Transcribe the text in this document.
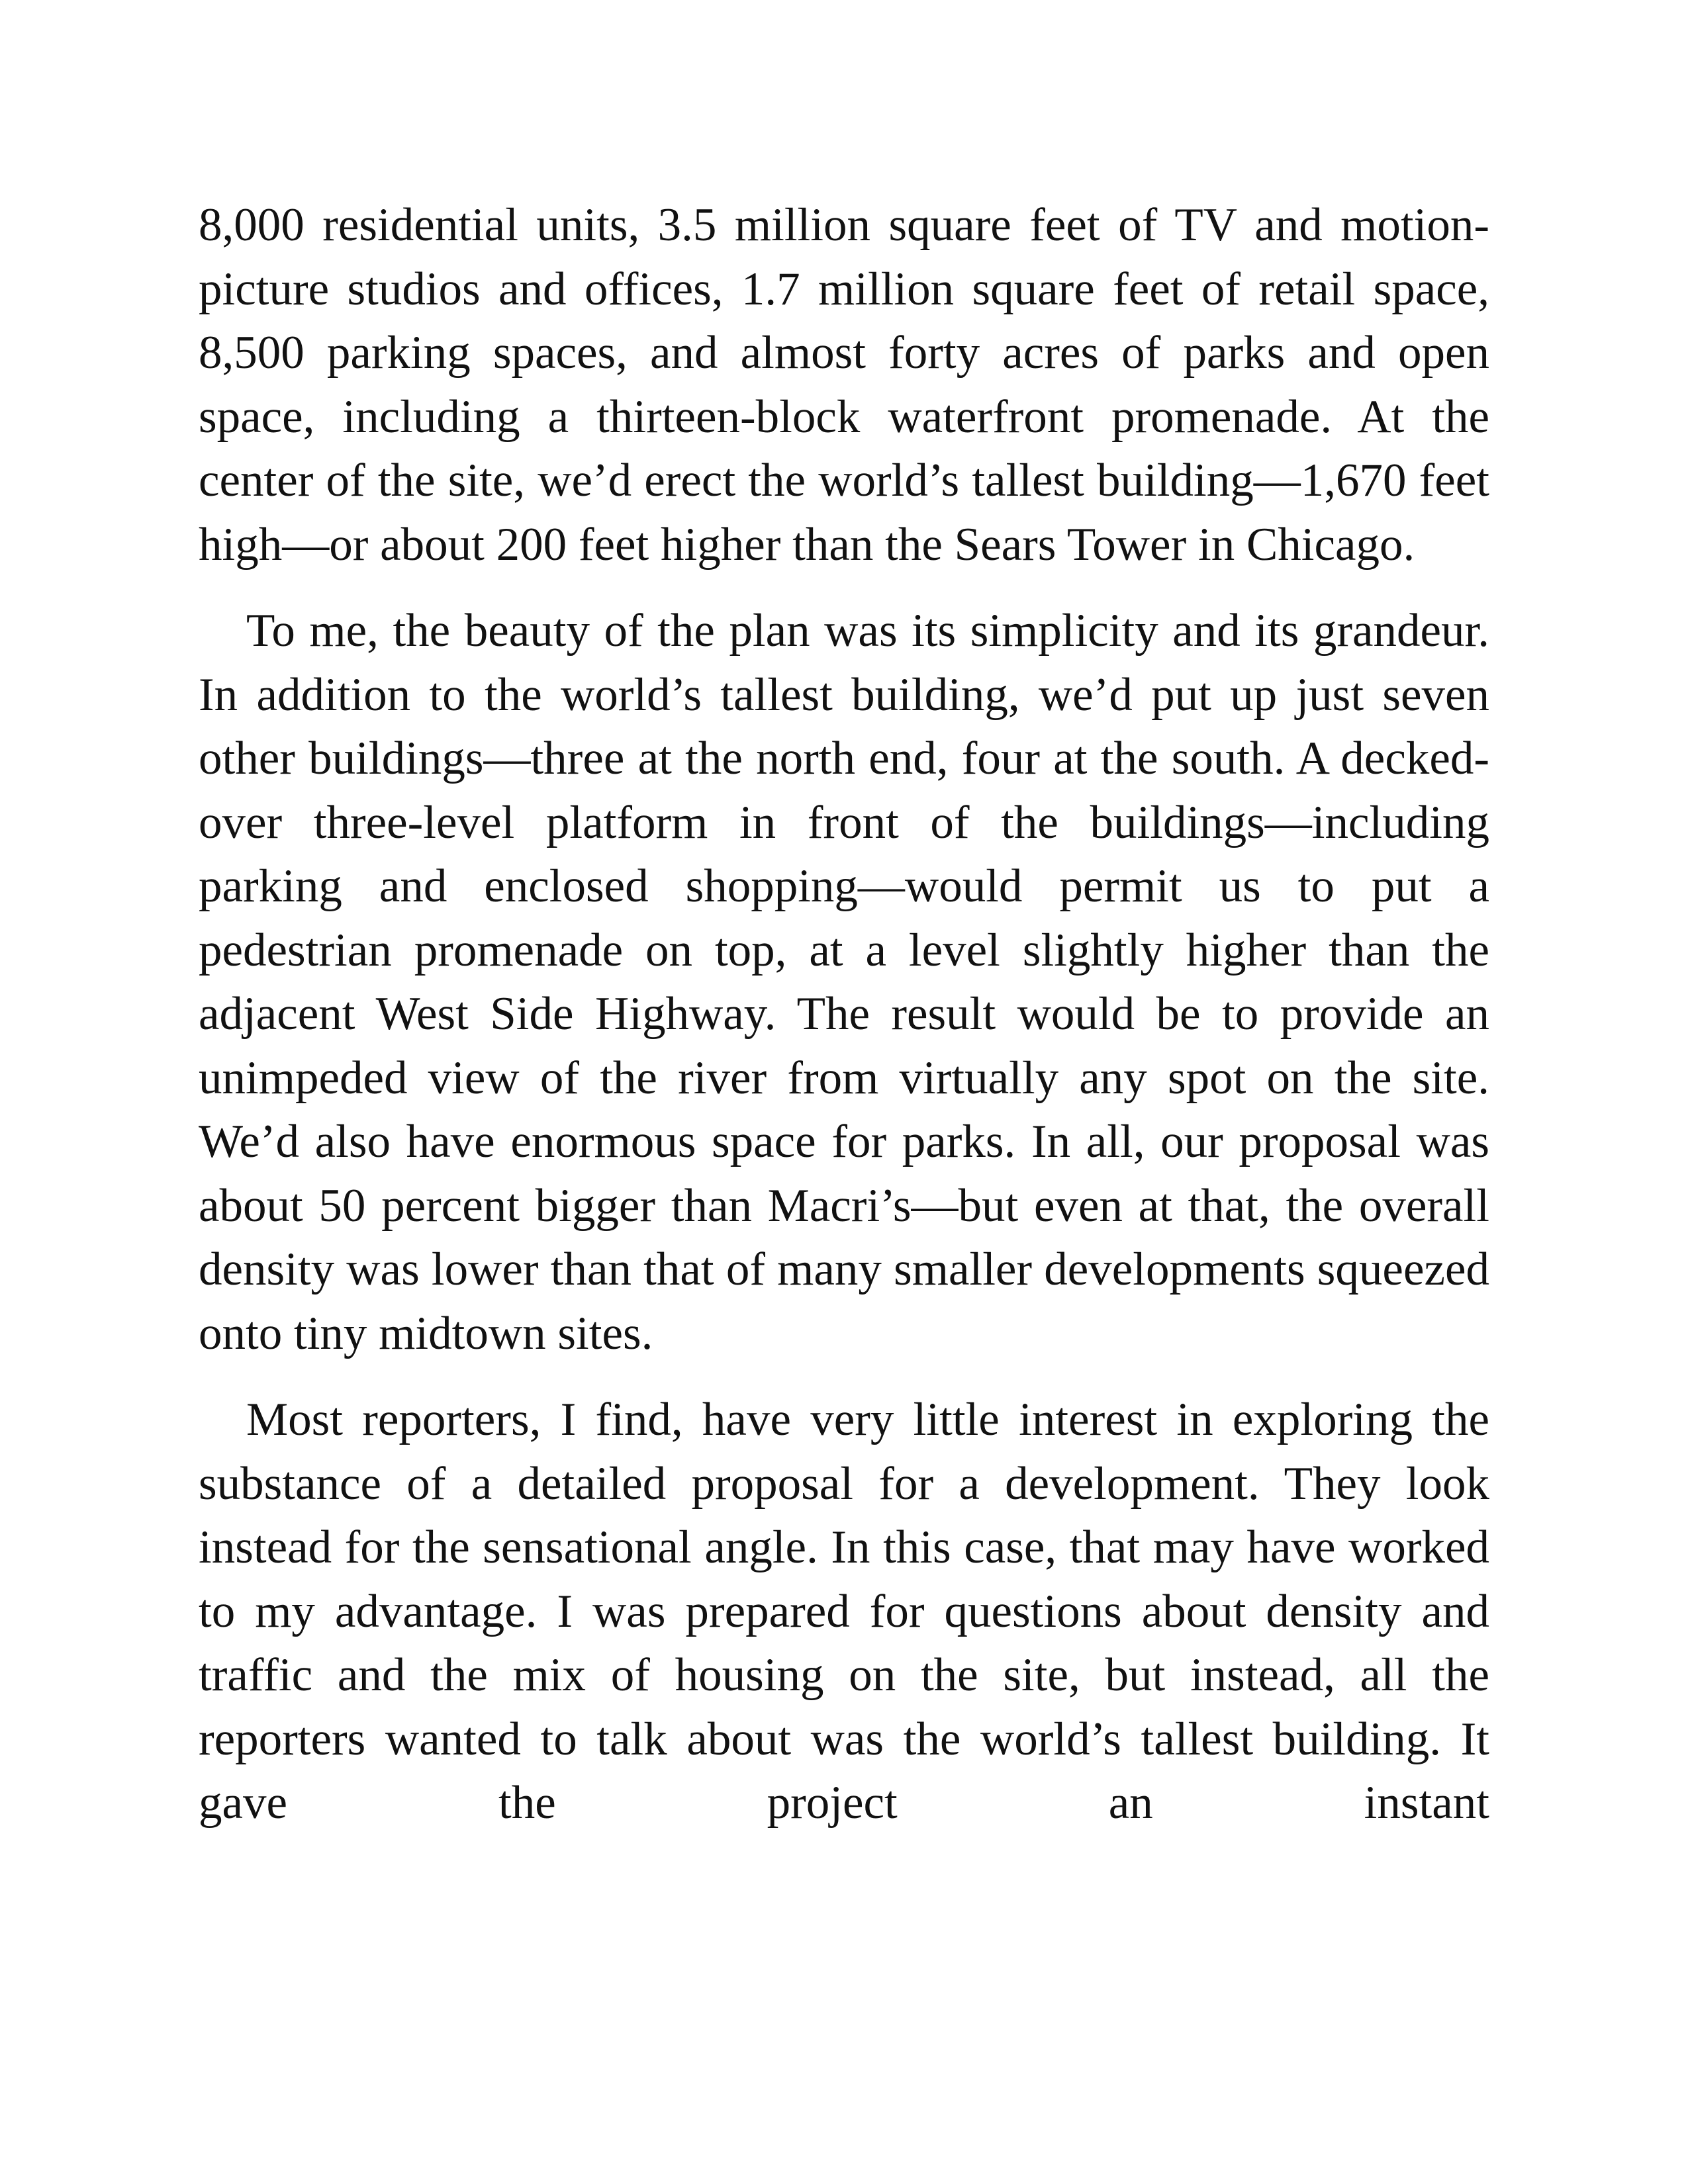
8,000 residential units, 3.5 million square feet of TV and motion-picture studios and offices, 1.7 million square feet of retail space, 8,500 parking spaces, and almost forty acres of parks and open space, including a thirteen-block waterfront promenade. At the center of the site, we’d erect the world’s tallest building—1,670 feet high—or about 200 feet higher than the Sears Tower in Chicago.

To me, the beauty of the plan was its simplicity and its grandeur. In addition to the world’s tallest building, we’d put up just seven other buildings—three at the north end, four at the south. A decked-over three-level platform in front of the buildings—including parking and enclosed shopping—would permit us to put a pedestrian promenade on top, at a level slightly higher than the adjacent West Side Highway. The result would be to provide an unimpeded view of the river from virtually any spot on the site. We’d also have enormous space for parks. In all, our proposal was about 50 percent bigger than Macri’s—but even at that, the overall density was lower than that of many smaller developments squeezed onto tiny midtown sites.

Most reporters, I find, have very little interest in exploring the substance of a detailed proposal for a development. They look instead for the sensational angle. In this case, that may have worked to my advantage. I was prepared for questions about density and traffic and the mix of housing on the site, but instead, all the reporters wanted to talk about was the world’s tallest building. It gave the project an instant
